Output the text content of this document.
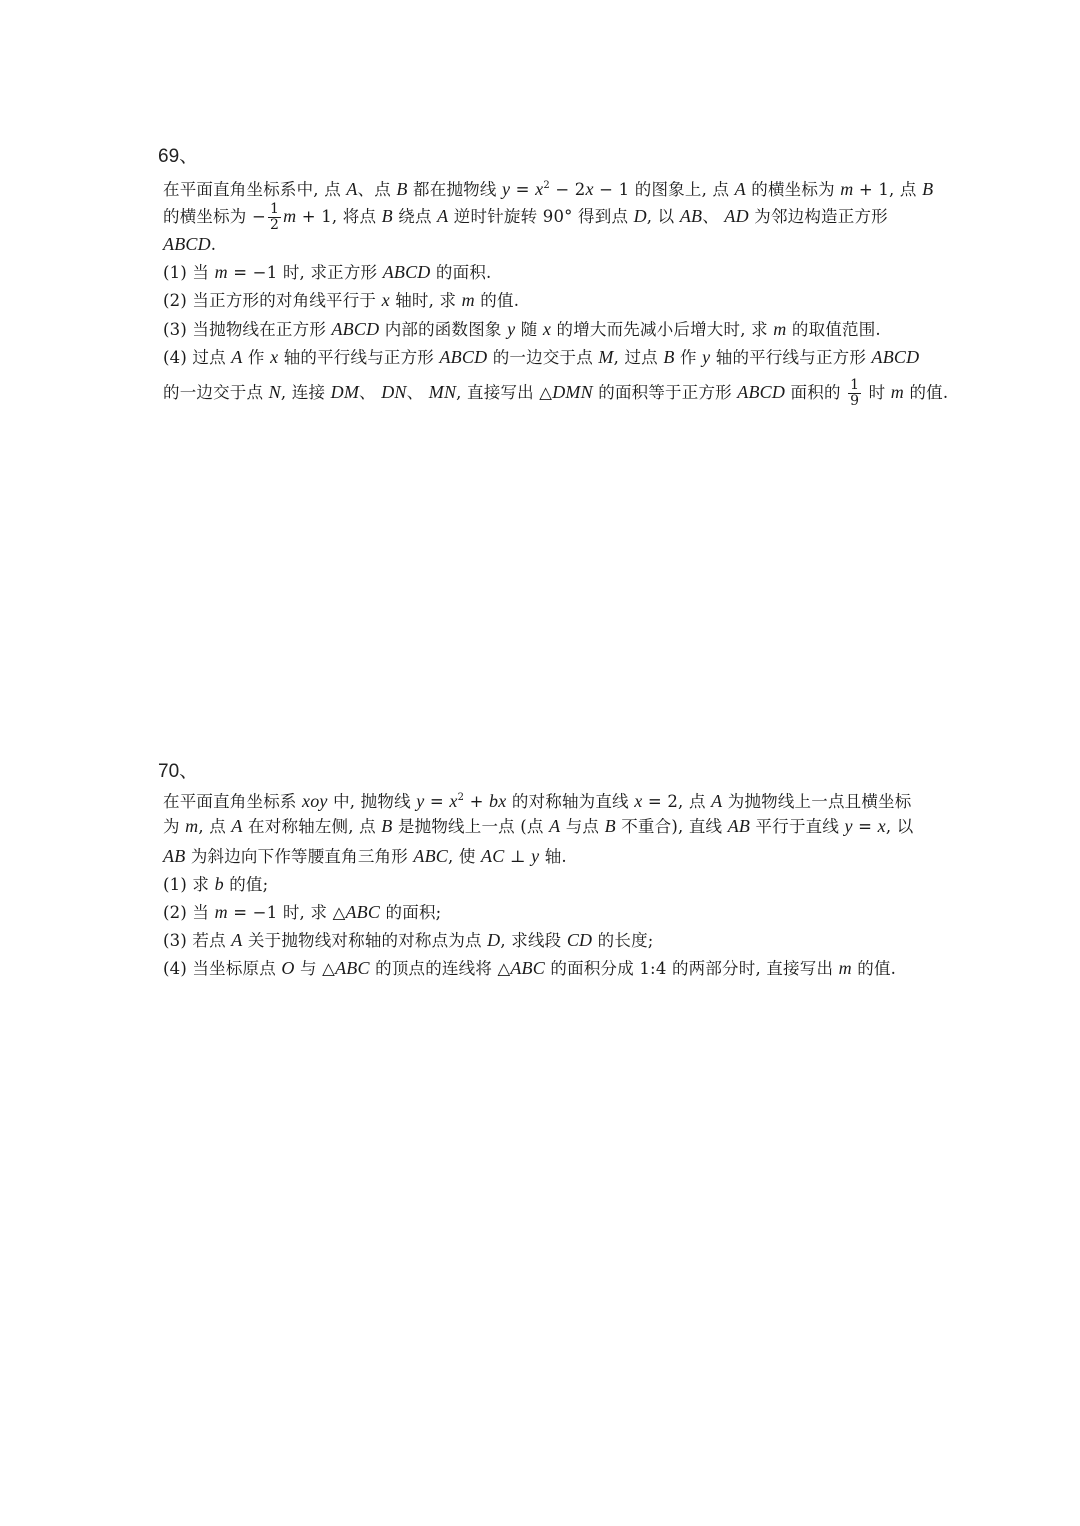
69、
在平面直角坐标系中, 点 A、点 B 都在抛物线 $y = x^2 - 2x - 1$ 的图象上, 点 A 的横坐标为 m + 1, 点 B
的横坐标为 − $\frac{1}{2}$ m + 1, 将点 B 绕点 A 逆时针旋转 90° 得到点 D, 以 AB、 AD 为邻边构造正方形
ABCD.
(1) 当 m = −1 时, 求正方形 ABCD 的面积.
(2) 当正方形的对角线平行于 x 轴时, 求 m 的值.
(3) 当抛物线在正方形 ABCD 内部的函数图象 y 随 x 的增大而先减小后增大时, 求 m 的取值范围.
(4) 过点 A 作 x 轴的平行线与正方形 ABCD 的一边交于点 M, 过点 B 作 y 轴的平行线与正方形 ABCD
的一边交于点 N, 连接 DM、 DN、 MN, 直接写出 △DMN 的面积等于正方形 ABCD 面积的 $\frac{1}{9}$ 时 m 的值.
70、
在平面直角坐标系 xoy 中, 抛物线 $y = x^2$ + bx 的对称轴为直线 x = 2, 点 A 为抛物线上一点且横坐标
为 m, 点 A 在对称轴左侧, 点 B 是抛物线上一点 (点 A 与点 B 不重合), 直线 AB 平行于直线 y = x, 以
AB 为斜边向下作等腰直角三角形 ABC, 使 AC ⊥ y 轴.
(1) 求 b 的值;
(2) 当 m = −1 时, 求 △ABC 的面积;
(3) 若点 A 关于抛物线对称轴的对称点为点 D, 求线段 CD 的长度;
(4) 当坐标原点 O 与 △ABC 的顶点的连线将 △ABC 的面积分成 1:4 的两部分时, 直接写出 m 的值.
